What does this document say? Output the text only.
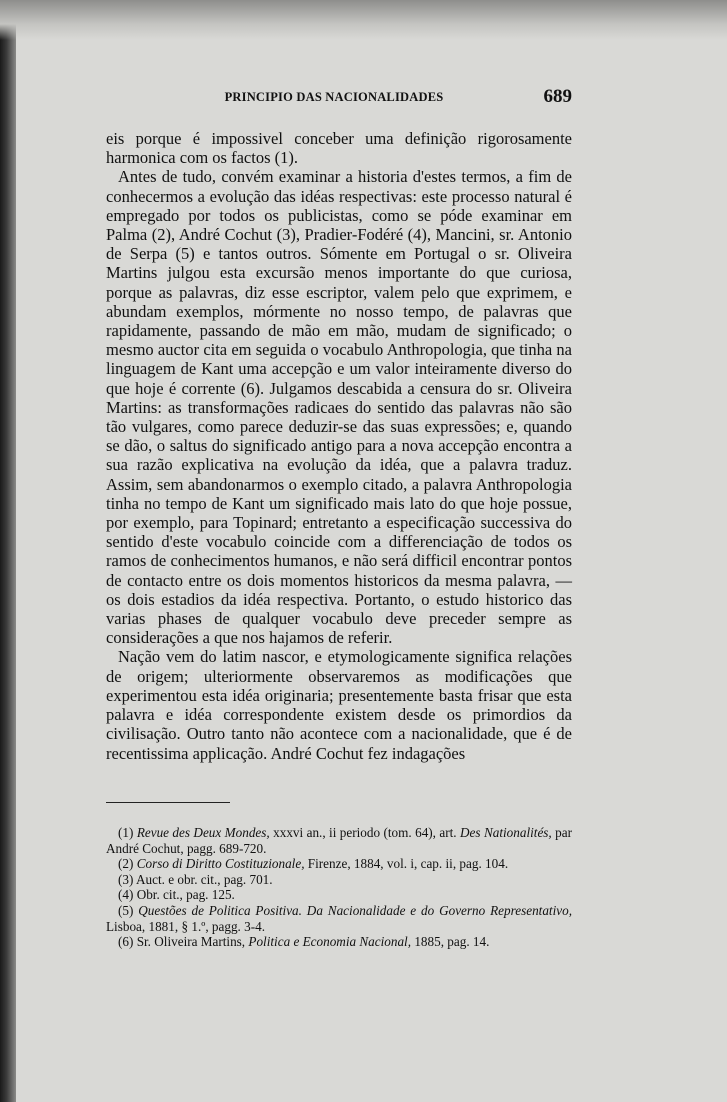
PRINCIPIO DAS NACIONALIDADES	689

eis porque é impossivel conceber uma definição rigorosamente harmonica com os factos (1).

Antes de tudo, convém examinar a historia d'estes termos, a fim de conhecermos a evolução das idéas respectivas: este processo natural é empregado por todos os publicistas, como se póde examinar em Palma (2), André Cochut (3), Pradier-Fodéré (4), Mancini, sr. Antonio de Serpa (5) e tantos outros. Sómente em Portugal o sr. Oliveira Martins julgou esta excursão menos importante do que curiosa, porque as palavras, diz esse escriptor, valem pelo que exprimem, e abundam exemplos, mórmente no nosso tempo, de palavras que rapidamente, passando de mão em mão, mudam de significado; o mesmo auctor cita em seguida o vocabulo Anthropologia, que tinha na linguagem de Kant uma accepção e um valor inteiramente diverso do que hoje é corrente (6). Julgamos descabida a censura do sr. Oliveira Martins: as transformações radicaes do sentido das palavras não são tão vulgares, como parece deduzir-se das suas expressões; e, quando se dão, o saltus do significado antigo para a nova accepção encontra a sua razão explicativa na evolução da idéa, que a palavra traduz. Assim, sem abandonarmos o exemplo citado, a palavra Anthropologia tinha no tempo de Kant um significado mais lato do que hoje possue, por exemplo, para Topinard; entretanto a especificação successiva do sentido d'este vocabulo coincide com a differenciação de todos os ramos de conhecimentos humanos, e não será difficil encontrar pontos de contacto entre os dois momentos historicos da mesma palavra, — os dois estadios da idéa respectiva. Portanto, o estudo historico das varias phases de qualquer vocabulo deve preceder sempre as considerações a que nos hajamos de referir.

Nação vem do latim nascor, e etymologicamente significa relações de origem; ulteriormente observaremos as modificações que experimentou esta idéa originaria; presentemente basta frisar que esta palavra e idéa correspondente existem desde os primordios da civilisação. Outro tanto não acontece com a nacionalidade, que é de recentissima applicação. André Cochut fez indagações

(1) Revue des Deux Mondes, xxxvi an., ii periodo (tom. 64), art. Des Nationalités, par André Cochut, pagg. 689-720.

(2) Corso di Diritto Costituzionale, Firenze, 1884, vol. i, cap. ii, pag. 104.

(3) Auct. e obr. cit., pag. 701.

(4) Obr. cit., pag. 125.

(5) Questões de Politica Positiva. Da Nacionalidade e do Governo Representativo, Lisboa, 1881, § 1.º, pagg. 3-4.

(6) Sr. Oliveira Martins, Politica e Economia Nacional, 1885, pag. 14.
